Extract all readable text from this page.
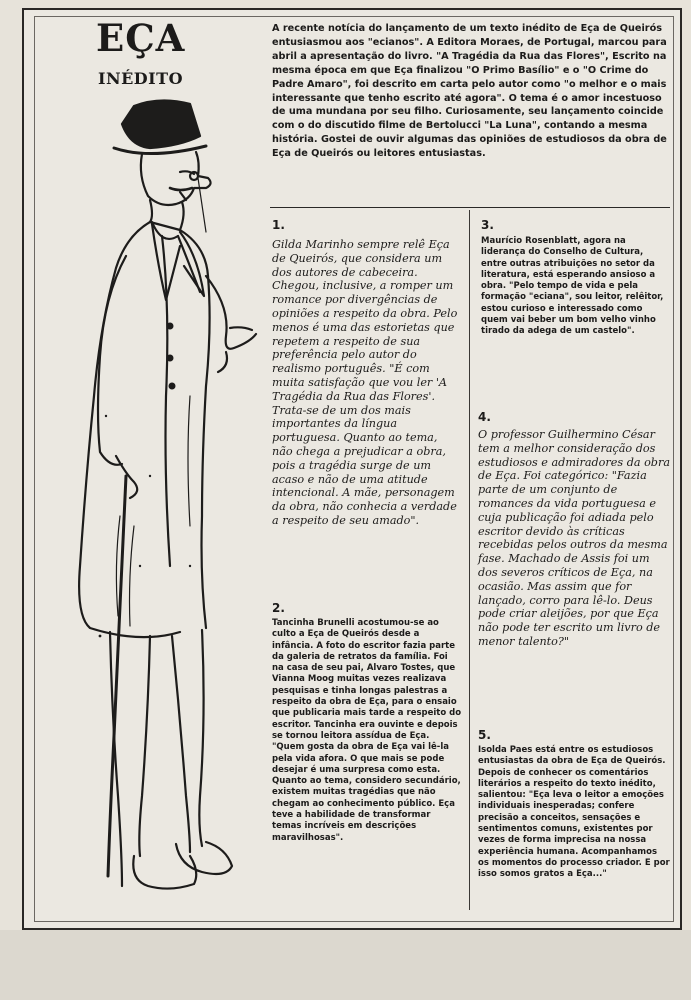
EÇA
INÉDITO
A recente notícia do lançamento de um texto inédito de Eça de Queirós entusiasmou aos "ecianos". A Editora Moraes, de Portugal, marcou para abril a apresentação do livro. "A Tragédia da Rua das Flores", Escrito na mesma época em que Eça finalizou "O Primo Basílio" e o "O Crime do Padre Amaro", foi descrito em carta pelo autor como "o melhor e o mais interessante que tenho escrito até agora". O tema é o amor incestuoso de uma mundana por seu filho. Curiosamente, seu lançamento coincide com o do discutido filme de Bertolucci "La Luna", contando a mesma história. Gostei de ouvir algumas das opiniões de estudiosos da obra de Eça de Queirós ou leitores entusiastas.
1.
Gilda Marinho sempre relê Eça de Queirós, que considera um dos autores de cabeceira. Chegou, inclusive, a romper um romance por divergências de opiniões a respeito da obra. Pelo menos é uma das estorietas que repetem a respeito de sua preferência pelo autor do realismo português. "É com muita satisfação que vou ler 'A Tragédia da Rua das Flores'. Trata-se de um dos mais importantes da língua portuguesa. Quanto ao tema, não chega a prejudicar a obra, pois a tragédia surge de um acaso e não de uma atitude intencional. A mãe, personagem da obra, não conhecia a verdade a respeito de seu amado".
2.
Tancinha Brunelli acostumou-se ao culto a Eça de Queirós desde a infância. A foto do escritor fazia parte da galeria de retratos da família. Foi na casa de seu pai, Alvaro Tostes, que Vianna Moog muitas vezes realizava pesquisas e tinha longas palestras a respeito da obra de Eça, para o ensaio que publicaria mais tarde a respeito do escritor. Tancinha era ouvinte e depois se tornou leitora assídua de Eça. "Quem gosta da obra de Eça vai lê-la pela vida afora. O que mais se pode desejar é uma surpresa como esta. Quanto ao tema, considero secundário, existem muitas tragédias que não chegam ao conhecimento público. Eça teve a habilidade de transformar temas incríveis em descrições maravilhosas".
3.
Maurício Rosenblatt, agora na liderança do Conselho de Cultura, entre outras atribuições no setor da literatura, está esperando ansioso a obra. "Pelo tempo de vida e pela formação "eciana", sou leitor, relêitor, estou curioso e interessado como quem vai beber um bom velho vinho tirado da adega de um castelo".
4.
O professor Guilhermino César tem a melhor consideração dos estudiosos e admiradores da obra de Eça. Foi categórico: "Fazia parte de um conjunto de romances da vida portuguesa e cuja publicação foi adiada pelo escritor devido às críticas recebidas pelos outros da mesma fase. Machado de Assis foi um dos severos críticos de Eça, na ocasião. Mas assim que for lançado, corro para lê-lo. Deus pode criar aleijões, por que Eça não pode ter escrito um livro de menor talento?"
5.
Isolda Paes está entre os estudiosos entusiastas da obra de Eça de Queirós. Depois de conhecer os comentários literários a respeito do texto inédito, salientou: "Eça leva o leitor a emoções individuais inesperadas; confere precisão a conceitos, sensações e sentimentos comuns, existentes por vezes de forma imprecisa na nossa experiência humana. Acompanhamos os momentos do processo criador. E por isso somos gratos a Eça..."
